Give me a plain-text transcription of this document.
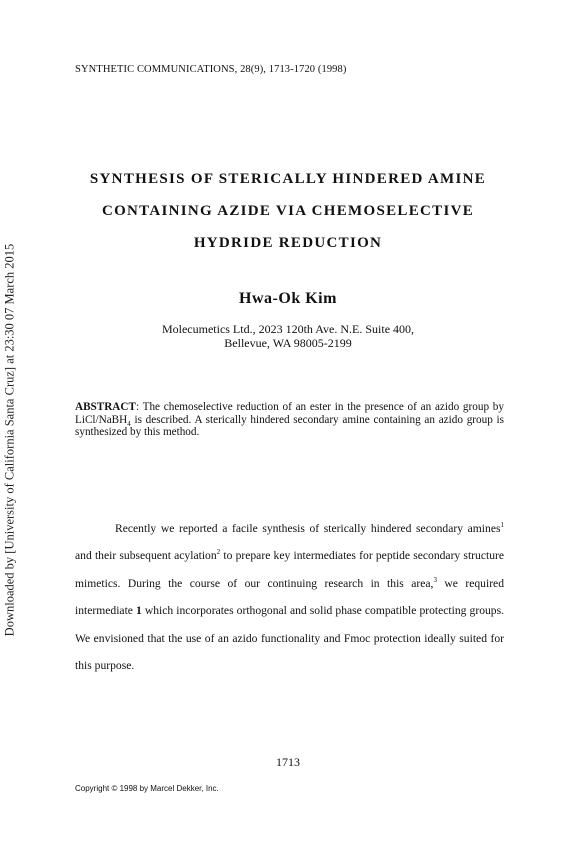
Downloaded by [University of California Santa Cruz] at 23:30 07 March 2015
SYNTHETIC COMMUNICATIONS, 28(9), 1713-1720 (1998)
SYNTHESIS OF STERICALLY HINDERED AMINE
CONTAINING AZIDE VIA CHEMOSELECTIVE
HYDRIDE REDUCTION
Hwa-Ok Kim
Molecumetics Ltd., 2023 120th Ave. N.E. Suite 400,
Bellevue, WA 98005-2199
ABSTRACT: The chemoselective reduction of an ester in the presence of an azido group by LiCl/NaBH$_4$ is described. A sterically hindered secondary amine containing an azido group is synthesized by this method.

Recently we reported a facile synthesis of sterically hindered secondary amines$^1$ and their subsequent acylation$^2$ to prepare key intermediates for peptide secondary structure mimetics. During the course of our continuing research in this area,$^3$ we required intermediate 1 which incorporates orthogonal and solid phase compatible protecting groups. We envisioned that the use of an azido functionality and Fmoc protection ideally suited for this purpose.

1713
Copyright © 1998 by Marcel Dekker, Inc.
